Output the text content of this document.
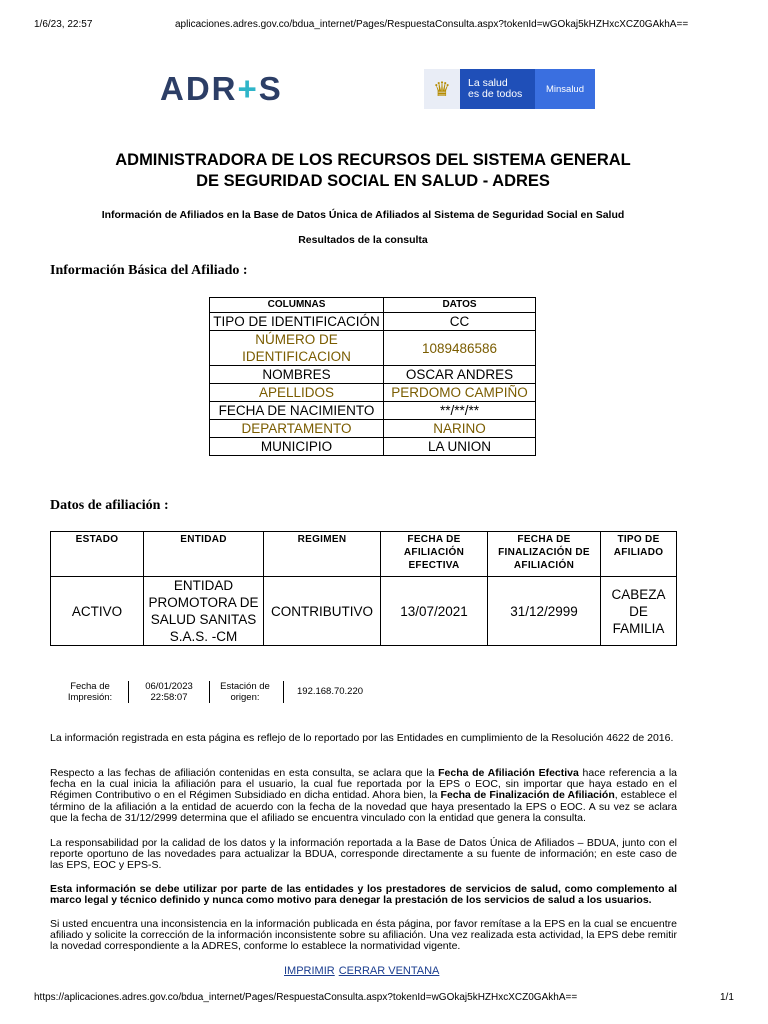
1/6/23, 22:57	aplicaciones.adres.gov.co/bdua_internet/Pages/RespuestaConsulta.aspx?tokenId=wGOkaj5kHZHxcXCZ0GAkhA==
ADR+S	♛	La salud
es de todos	Minsalud
ADMINISTRADORA DE LOS RECURSOS DEL SISTEMA GENERAL
DE SEGURIDAD SOCIAL EN SALUD - ADRES
Información de Afiliados en la Base de Datos Única de Afiliados al Sistema de Seguridad Social en Salud
Resultados de la consulta
Información Básica del Afiliado :
COLUMNAS	DATOS
TIPO DE IDENTIFICACIÓN	CC
NÚMERO DE IDENTIFICACION	1089486586
NOMBRES	OSCAR ANDRES
APELLIDOS	PERDOMO CAMPIÑO
FECHA DE NACIMIENTO	**/**/**
DEPARTAMENTO	NARINO
MUNICIPIO	LA UNION
Datos de afiliación :
ESTADO	ENTIDAD	REGIMEN	FECHA DE AFILIACIÓN EFECTIVA	FECHA DE FINALIZACIÓN DE AFILIACIÓN	TIPO DE AFILIADO
ACTIVO	ENTIDAD PROMOTORA DE SALUD SANITAS S.A.S. -CM	CONTRIBUTIVO	13/07/2021	31/12/2999	CABEZA DE FAMILIA
Fecha de Impresión:
06/01/2023
22:58:07
Estación de origen:
192.168.70.220
La información registrada en esta página es reflejo de lo reportado por las Entidades en cumplimiento de la Resolución 4622 de 2016.
Respecto a las fechas de afiliación contenidas en esta consulta, se aclara que la Fecha de Afiliación Efectiva hace referencia a la fecha en la cual inicia la afiliación para el usuario, la cual fue reportada por la EPS o EOC, sin importar que haya estado en el Régimen Contributivo o en el Régimen Subsidiado en dicha entidad. Ahora bien, la Fecha de Finalización de Afiliación, establece el término de la afiliación a la entidad de acuerdo con la fecha de la novedad que haya presentado la EPS o EOC. A su vez se aclara que la fecha de 31/12/2999 determina que el afiliado se encuentra vinculado con la entidad que genera la consulta.
La responsabilidad por la calidad de los datos y la información reportada a la Base de Datos Única de Afiliados – BDUA, junto con el reporte oportuno de las novedades para actualizar la BDUA, corresponde directamente a su fuente de información; en este caso de las EPS, EOC y EPS-S.
Esta información se debe utilizar por parte de las entidades y los prestadores de servicios de salud, como complemento al marco legal y técnico definido y nunca como motivo para denegar la prestación de los servicios de salud a los usuarios.
Si usted encuentra una inconsistencia en la información publicada en ésta página, por favor remítase a la EPS en la cual se encuentre afiliado y solicite la corrección de la información inconsistente sobre su afiliación. Una vez realizada esta actividad, la EPS debe remitir la novedad correspondiente a la ADRES, conforme lo establece la normatividad vigente.
IMPRIMIR CERRAR VENTANA
https://aplicaciones.adres.gov.co/bdua_internet/Pages/RespuestaConsulta.aspx?tokenId=wGOkaj5kHZHxcXCZ0GAkhA==	1/1
